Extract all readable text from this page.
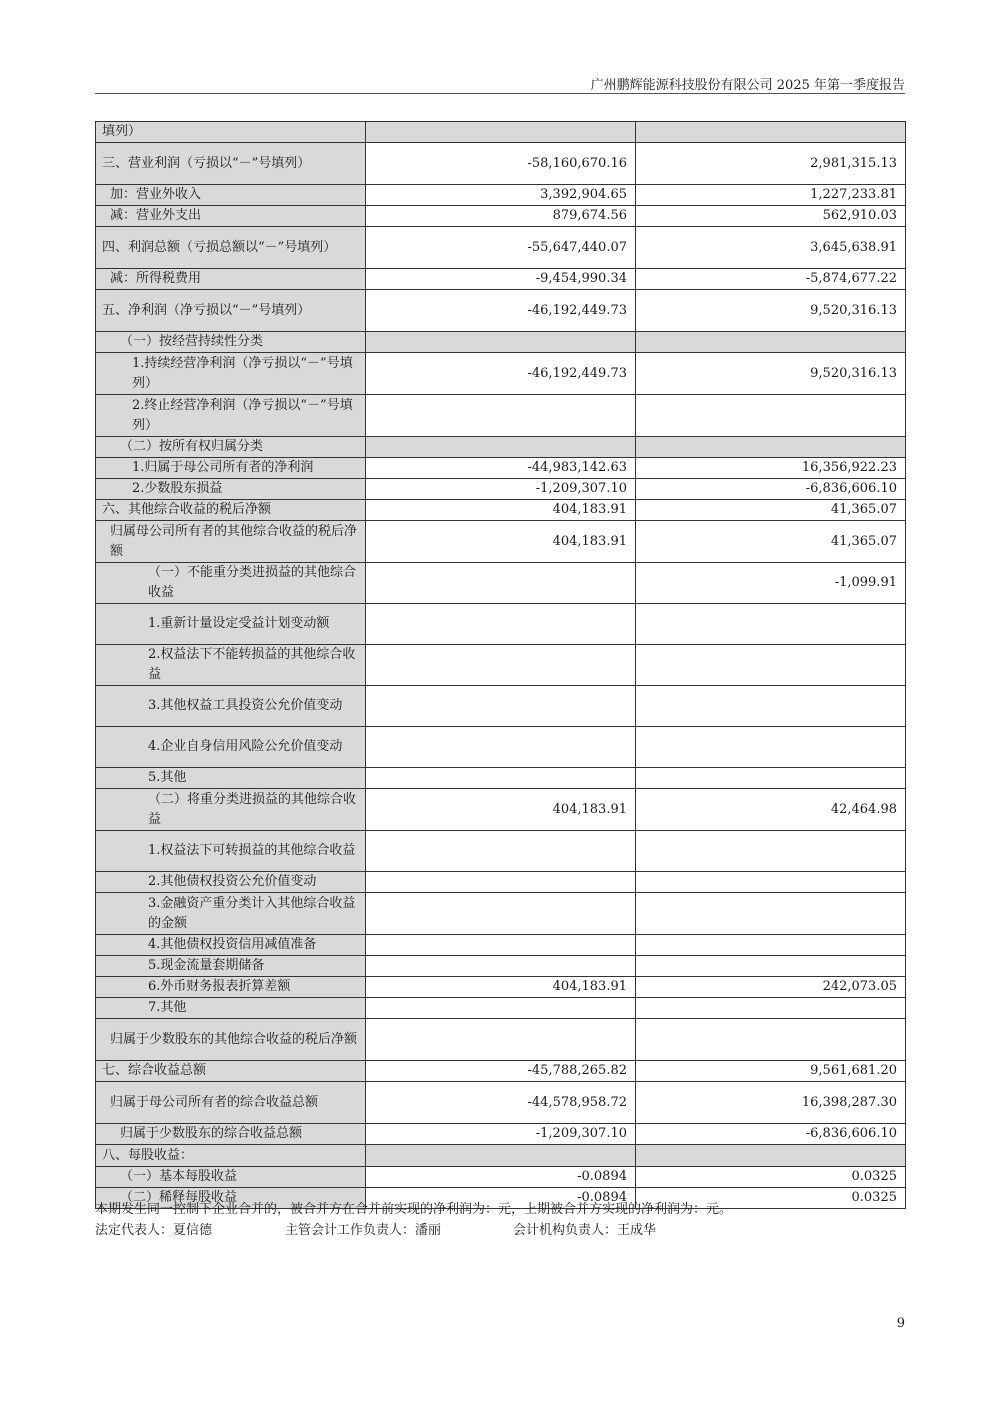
广州鹏辉能源科技股份有限公司 2025 年第一季度报告
填列）		
三、营业利润（亏损以“－”号填列）	-58,160,670.16	2,981,315.13
加：营业外收入	3,392,904.65	1,227,233.81
减：营业外支出	879,674.56	562,910.03
四、利润总额（亏损总额以“－”号填列）	-55,647,440.07	3,645,638.91
减：所得税费用	-9,454,990.34	-5,874,677.22
五、净利润（净亏损以“－”号填列）	-46,192,449.73	9,520,316.13
（一）按经营持续性分类		
1.持续经营净利润（净亏损以“－”号填列）	-46,192,449.73	9,520,316.13
2.终止经营净利润（净亏损以“－”号填列）		
（二）按所有权归属分类		
1.归属于母公司所有者的净利润	-44,983,142.63	16,356,922.23
2.少数股东损益	-1,209,307.10	-6,836,606.10
六、其他综合收益的税后净额	404,183.91	41,365.07
归属母公司所有者的其他综合收益的税后净额	404,183.91	41,365.07
（一）不能重分类进损益的其他综合收益		-1,099.91
1.重新计量设定受益计划变动额		
2.权益法下不能转损益的其他综合收益		
3.其他权益工具投资公允价值变动		
4.企业自身信用风险公允价值变动		
5.其他		
（二）将重分类进损益的其他综合收益	404,183.91	42,464.98
1.权益法下可转损益的其他综合收益		
2.其他债权投资公允价值变动		
3.金融资产重分类计入其他综合收益的金额		
4.其他债权投资信用减值准备		
5.现金流量套期储备		
6.外币财务报表折算差额	404,183.91	242,073.05
7.其他		
归属于少数股东的其他综合收益的税后净额		
七、综合收益总额	-45,788,265.82	9,561,681.20
归属于母公司所有者的综合收益总额	-44,578,958.72	16,398,287.30
归属于少数股东的综合收益总额	-1,209,307.10	-6,836,606.10
八、每股收益：		
（一）基本每股收益	-0.0894	0.0325
（二）稀释每股收益	-0.0894	0.0325
本期发生同一控制下企业合并的，被合并方在合并前实现的净利润为：元，上期被合并方实现的净利润为：元。
法定代表人：夏信德	主管会计工作负责人：潘丽	会计机构负责人：王成华
9
